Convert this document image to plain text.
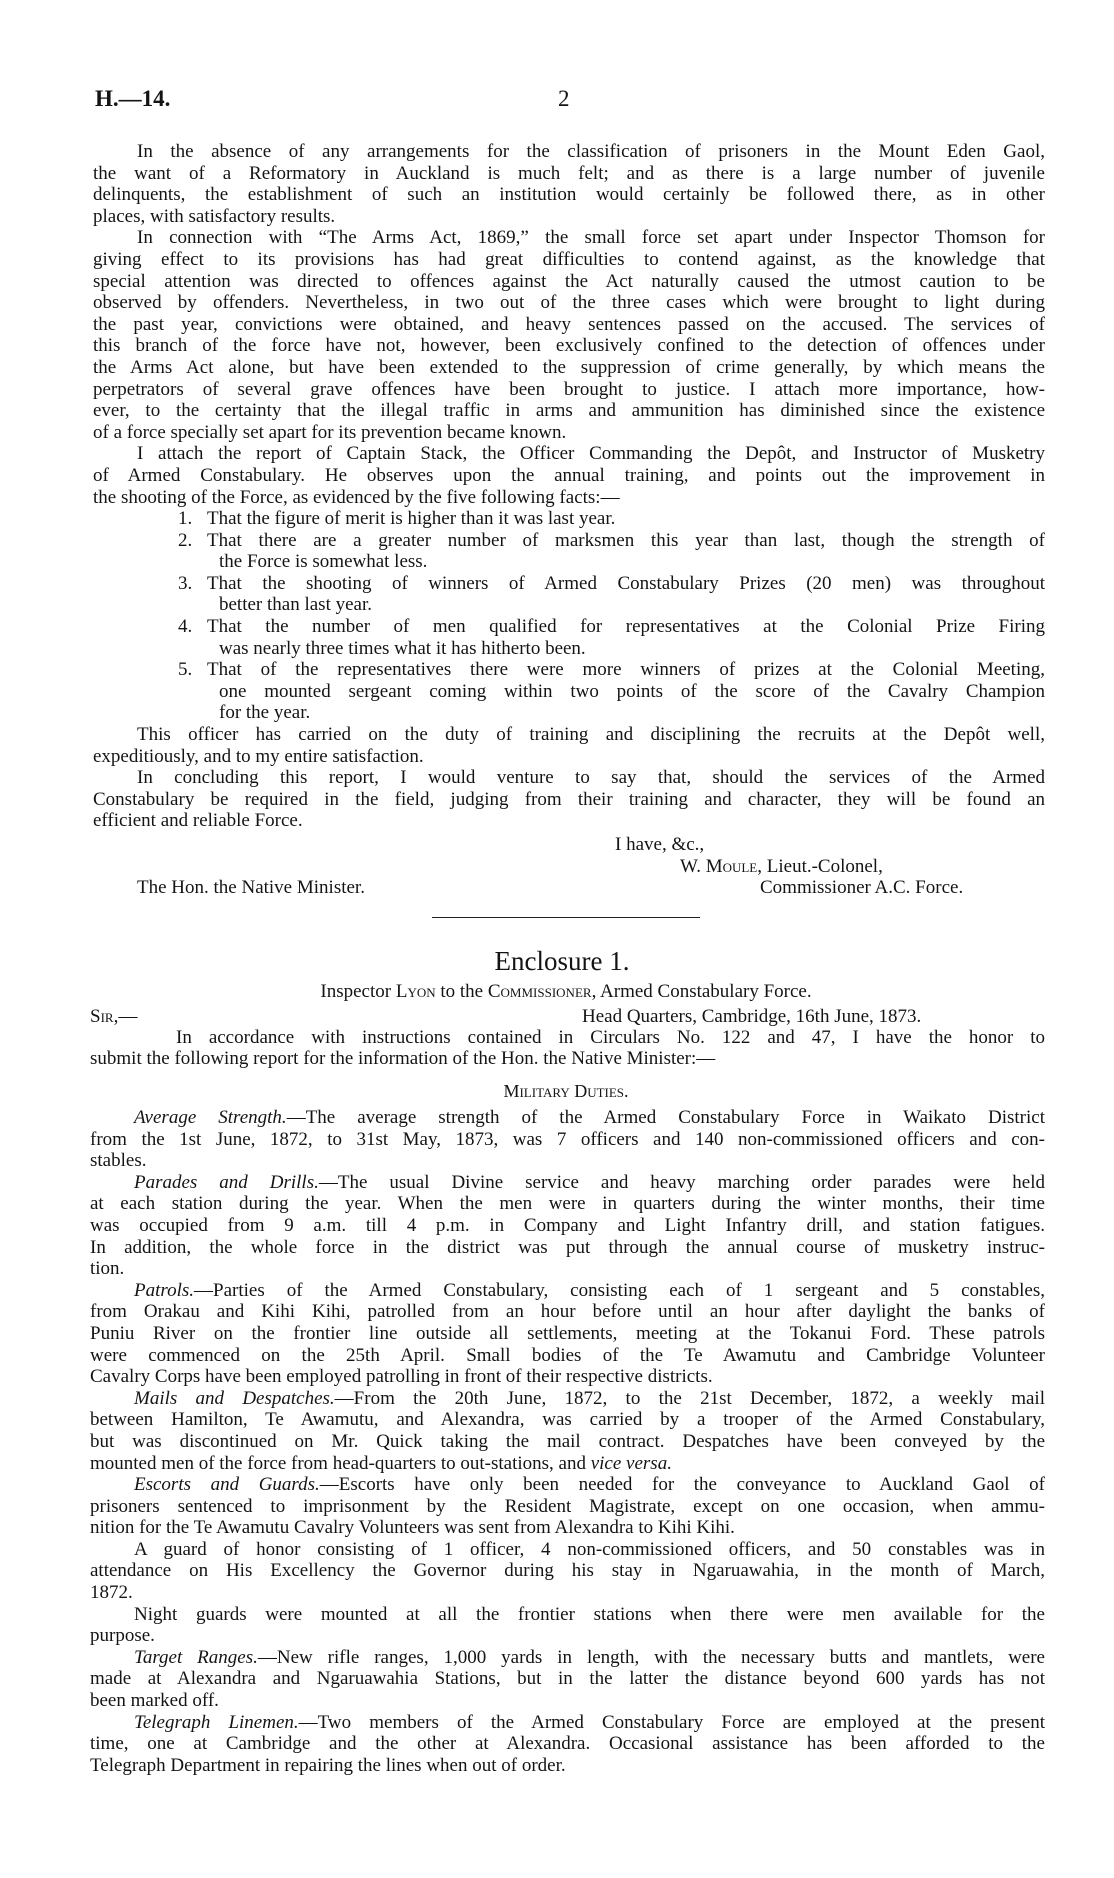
H.—14.	2
In the absence of any arrangements for the classification of prisoners in the Mount Eden Gaol,
the want of a Reformatory in Auckland is much felt; and as there is a large number of juvenile
delinquents, the establishment of such an institution would certainly be followed there, as in other
places, with satisfactory results.
In connection with “The Arms Act, 1869,” the small force set apart under Inspector Thomson for
giving effect to its provisions has had great difficulties to contend against, as the knowledge that
special attention was directed to offences against the Act naturally caused the utmost caution to be
observed by offenders. Nevertheless, in two out of the three cases which were brought to light during
the past year, convictions were obtained, and heavy sentences passed on the accused. The services of
this branch of the force have not, however, been exclusively confined to the detection of offences under
the Arms Act alone, but have been extended to the suppression of crime generally, by which means the
perpetrators of several grave offences have been brought to justice. I attach more importance, how-
ever, to the certainty that the illegal traffic in arms and ammunition has diminished since the existence
of a force specially set apart for its prevention became known.
I attach the report of Captain Stack, the Officer Commanding the Depôt, and Instructor of Musketry
of Armed Constabulary. He observes upon the annual training, and points out the improvement in
the shooting of the Force, as evidenced by the five following facts:—
1. That the figure of merit is higher than it was last year.
2. That there are a greater number of marksmen this year than last, though the strength of
the Force is somewhat less.
3. That the shooting of winners of Armed Constabulary Prizes (20 men) was throughout
better than last year.
4. That the number of men qualified for representatives at the Colonial Prize Firing
was nearly three times what it has hitherto been.
5. That of the representatives there were more winners of prizes at the Colonial Meeting,
one mounted sergeant coming within two points of the score of the Cavalry Champion
for the year.
This officer has carried on the duty of training and disciplining the recruits at the Depôt well,
expeditiously, and to my entire satisfaction.
In concluding this report, I would venture to say that, should the services of the Armed
Constabulary be required in the field, judging from their training and character, they will be found an
efficient and reliable Force.
I have, &c.,
W. Moule, Lieut.-Colonel,
The Hon. the Native Minister.	Commissioner A.C. Force.
Enclosure 1.
Inspector Lyon to the Commissioner, Armed Constabulary Force.
Sir,—	Head Quarters, Cambridge, 16th June, 1873.
In accordance with instructions contained in Circulars No. 122 and 47, I have the honor to
submit the following report for the information of the Hon. the Native Minister:—
Military Duties.
Average Strength.—The average strength of the Armed Constabulary Force in Waikato District
from the 1st June, 1872, to 31st May, 1873, was 7 officers and 140 non-commissioned officers and con-
stables.
Parades and Drills.—The usual Divine service and heavy marching order parades were held
at each station during the year. When the men were in quarters during the winter months, their time
was occupied from 9 a.m. till 4 p.m. in Company and Light Infantry drill, and station fatigues.
In addition, the whole force in the district was put through the annual course of musketry instruc-
tion.
Patrols.—Parties of the Armed Constabulary, consisting each of 1 sergeant and 5 constables,
from Orakau and Kihi Kihi, patrolled from an hour before until an hour after daylight the banks of
Puniu River on the frontier line outside all settlements, meeting at the Tokanui Ford. These patrols
were commenced on the 25th April. Small bodies of the Te Awamutu and Cambridge Volunteer
Cavalry Corps have been employed patrolling in front of their respective districts.
Mails and Despatches.—From the 20th June, 1872, to the 21st December, 1872, a weekly mail
between Hamilton, Te Awamutu, and Alexandra, was carried by a trooper of the Armed Constabulary,
but was discontinued on Mr. Quick taking the mail contract. Despatches have been conveyed by the
mounted men of the force from head-quarters to out-stations, and vice versa.
Escorts and Guards.—Escorts have only been needed for the conveyance to Auckland Gaol of
prisoners sentenced to imprisonment by the Resident Magistrate, except on one occasion, when ammu-
nition for the Te Awamutu Cavalry Volunteers was sent from Alexandra to Kihi Kihi.
A guard of honor consisting of 1 officer, 4 non-commissioned officers, and 50 constables was in
attendance on His Excellency the Governor during his stay in Ngaruawahia, in the month of March,
1872.
Night guards were mounted at all the frontier stations when there were men available for the
purpose.
Target Ranges.—New rifle ranges, 1,000 yards in length, with the necessary butts and mantlets, were
made at Alexandra and Ngaruawahia Stations, but in the latter the distance beyond 600 yards has not
been marked off.
Telegraph Linemen.—Two members of the Armed Constabulary Force are employed at the present
time, one at Cambridge and the other at Alexandra. Occasional assistance has been afforded to the
Telegraph Department in repairing the lines when out of order.
